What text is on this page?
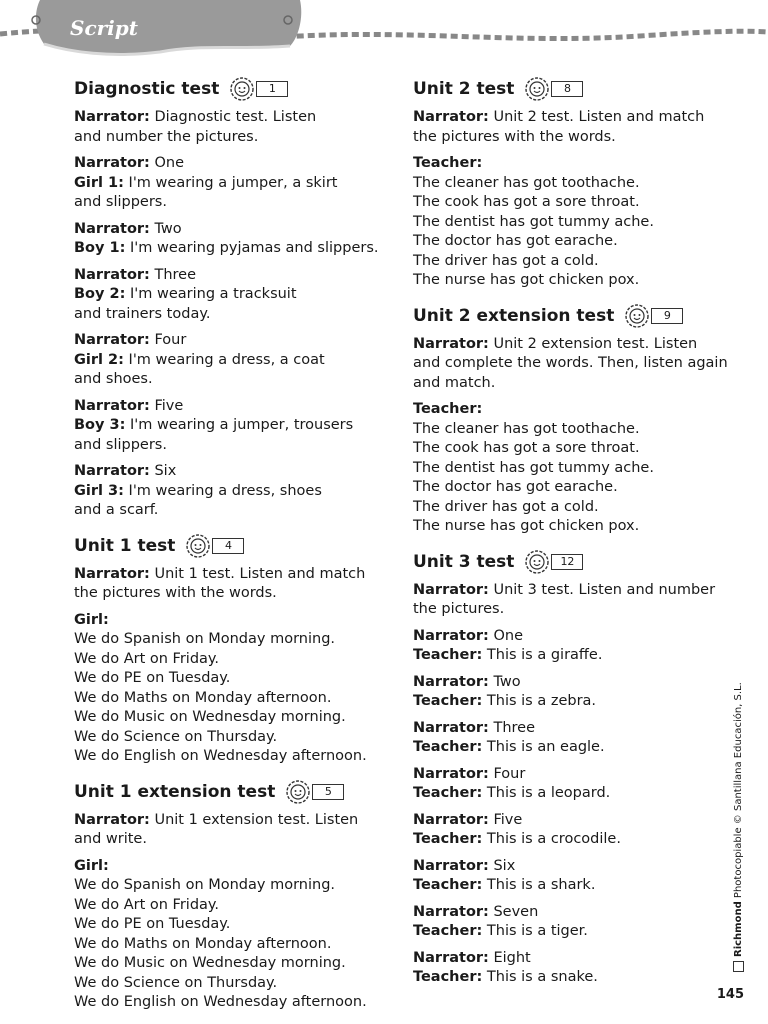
Script
Diagnostic test	1
Narrator: Diagnostic test. Listen
and number the pictures.
Narrator: One
Girl 1: I'm wearing a jumper, a skirt
and slippers.
Narrator: Two
Boy 1: I'm wearing pyjamas and slippers.
Narrator: Three
Boy 2: I'm wearing a tracksuit
and trainers today.
Narrator: Four
Girl 2: I'm wearing a dress, a coat
and shoes.
Narrator: Five
Boy 3: I'm wearing a jumper, trousers
and slippers.
Narrator: Six
Girl 3: I'm wearing a dress, shoes
and a scarf.
Unit 1 test	4
Narrator: Unit 1 test. Listen and match
the pictures with the words.
Girl:
We do Spanish on Monday morning.
We do Art on Friday.
We do PE on Tuesday.
We do Maths on Monday afternoon.
We do Music on Wednesday morning.
We do Science on Thursday.
We do English on Wednesday afternoon.
Unit 1 extension test	5
Narrator: Unit 1 extension test. Listen
and write.
Girl:
We do Spanish on Monday morning.
We do Art on Friday.
We do PE on Tuesday.
We do Maths on Monday afternoon.
We do Music on Wednesday morning.
We do Science on Thursday.
We do English on Wednesday afternoon.
Unit 2 test	8
Narrator: Unit 2 test. Listen and match
the pictures with the words.
Teacher:
The cleaner has got toothache.
The cook has got a sore throat.
The dentist has got tummy ache.
The doctor has got earache.
The driver has got a cold.
The nurse has got chicken pox.
Unit 2 extension test	9
Narrator: Unit 2 extension test. Listen
and complete the words. Then, listen again
and match.
Teacher:
The cleaner has got toothache.
The cook has got a sore throat.
The dentist has got tummy ache.
The doctor has got earache.
The driver has got a cold.
The nurse has got chicken pox.
Unit 3 test	12
Narrator: Unit 3 test. Listen and number
the pictures.
Narrator: One
Teacher: This is a giraffe.
Narrator: Two
Teacher: This is a zebra.
Narrator: Three
Teacher: This is an eagle.
Narrator: Four
Teacher: This is a leopard.
Narrator: Five
Teacher: This is a crocodile.
Narrator: Six
Teacher: This is a shark.
Narrator: Seven
Teacher: This is a tiger.
Narrator: Eight
Teacher: This is a snake.
Richmond Photocopiable © Santillana Educación, S.L.
145
